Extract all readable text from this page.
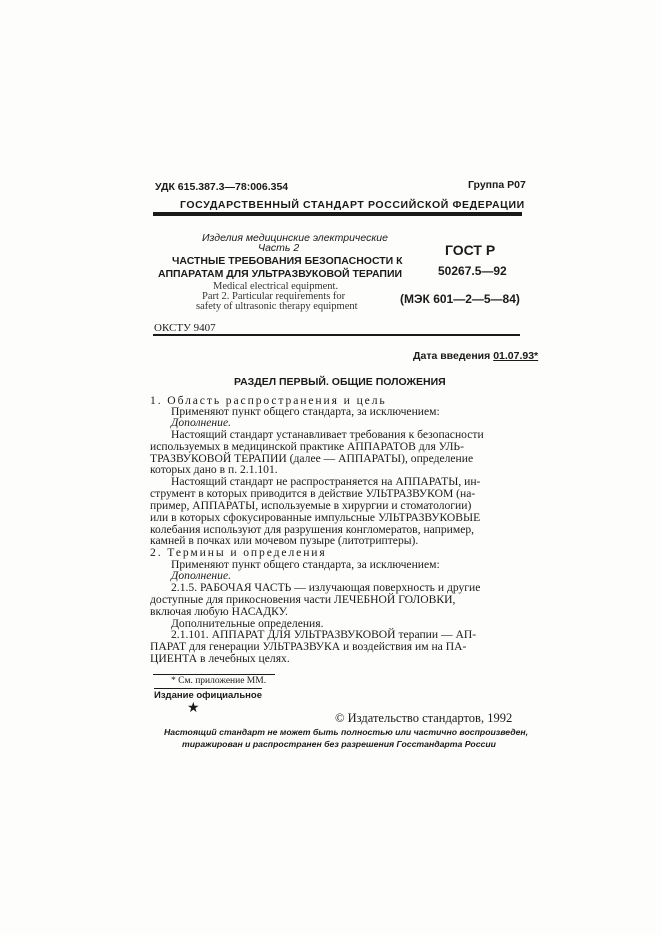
УДК 615.387.3—78:006.354	Группа Р07
ГОСУДАРСТВЕННЫЙ СТАНДАРТ РОССИЙСКОЙ ФЕДЕРАЦИИ
Изделия медицинские электрические
Часть 2
ЧАСТНЫЕ ТРЕБОВАНИЯ БЕЗОПАСНОСТИ К
АППАРАТАМ ДЛЯ УЛЬТРАЗВУКОВОЙ ТЕРАПИИ
Medical electrical equipment.
Part 2. Particular requirements for
safety of ultrasonic therapy equipment
ГОСТ Р
50267.5—92
(МЭК 601—2—5—84)
ОКСТУ 9407
Дата введения 01.07.93*
РАЗДЕЛ ПЕРВЫЙ. ОБЩИЕ ПОЛОЖЕНИЯ
1. Область распространения и цель
Применяют пункт общего стандарта, за исключением:
Дополнение.
Настоящий стандарт устанавливает требования к безопасности
используемых в медицинской практике АППАРАТОВ для УЛЬ-
ТРАЗВУКОВОЙ ТЕРАПИИ (далее — АППАРАТЫ), определение
которых дано в п. 2.1.101.
Настоящий стандарт не распространяется на АППАРАТЫ, ин-
струмент в которых приводится в действие УЛЬТРАЗВУКОМ (на-
пример, АППАРАТЫ, используемые в хирургии и стоматологии)
или в которых сфокусированные импульсные УЛЬТРАЗВУКОВЫЕ
колебания используют для разрушения конгломератов, например,
камней в почках или мочевом пузыре (литотриптеры).
2. Термины и определения
Применяют пункт общего стандарта, за исключением:
Дополнение.
2.1.5. РАБОЧАЯ ЧАСТЬ — излучающая поверхность и другие
доступные для прикосновения части ЛЕЧЕБНОЙ ГОЛОВКИ,
включая любую НАСАДКУ.
Дополнительные определения.
2.1.101. АППАРАТ ДЛЯ УЛЬТРАЗВУКОВОЙ терапии — АП-
ПАРАТ для генерации УЛЬТРАЗВУКА и воздействия им на ПА-
ЦИЕНТА в лечебных целях.
* См. приложение ММ.
Издание официальное
★
© Издательство стандартов, 1992
Настоящий стандарт не может быть полностью или частично воспроизведен,
тиражирован и распространен без разрешения Госстандарта России
